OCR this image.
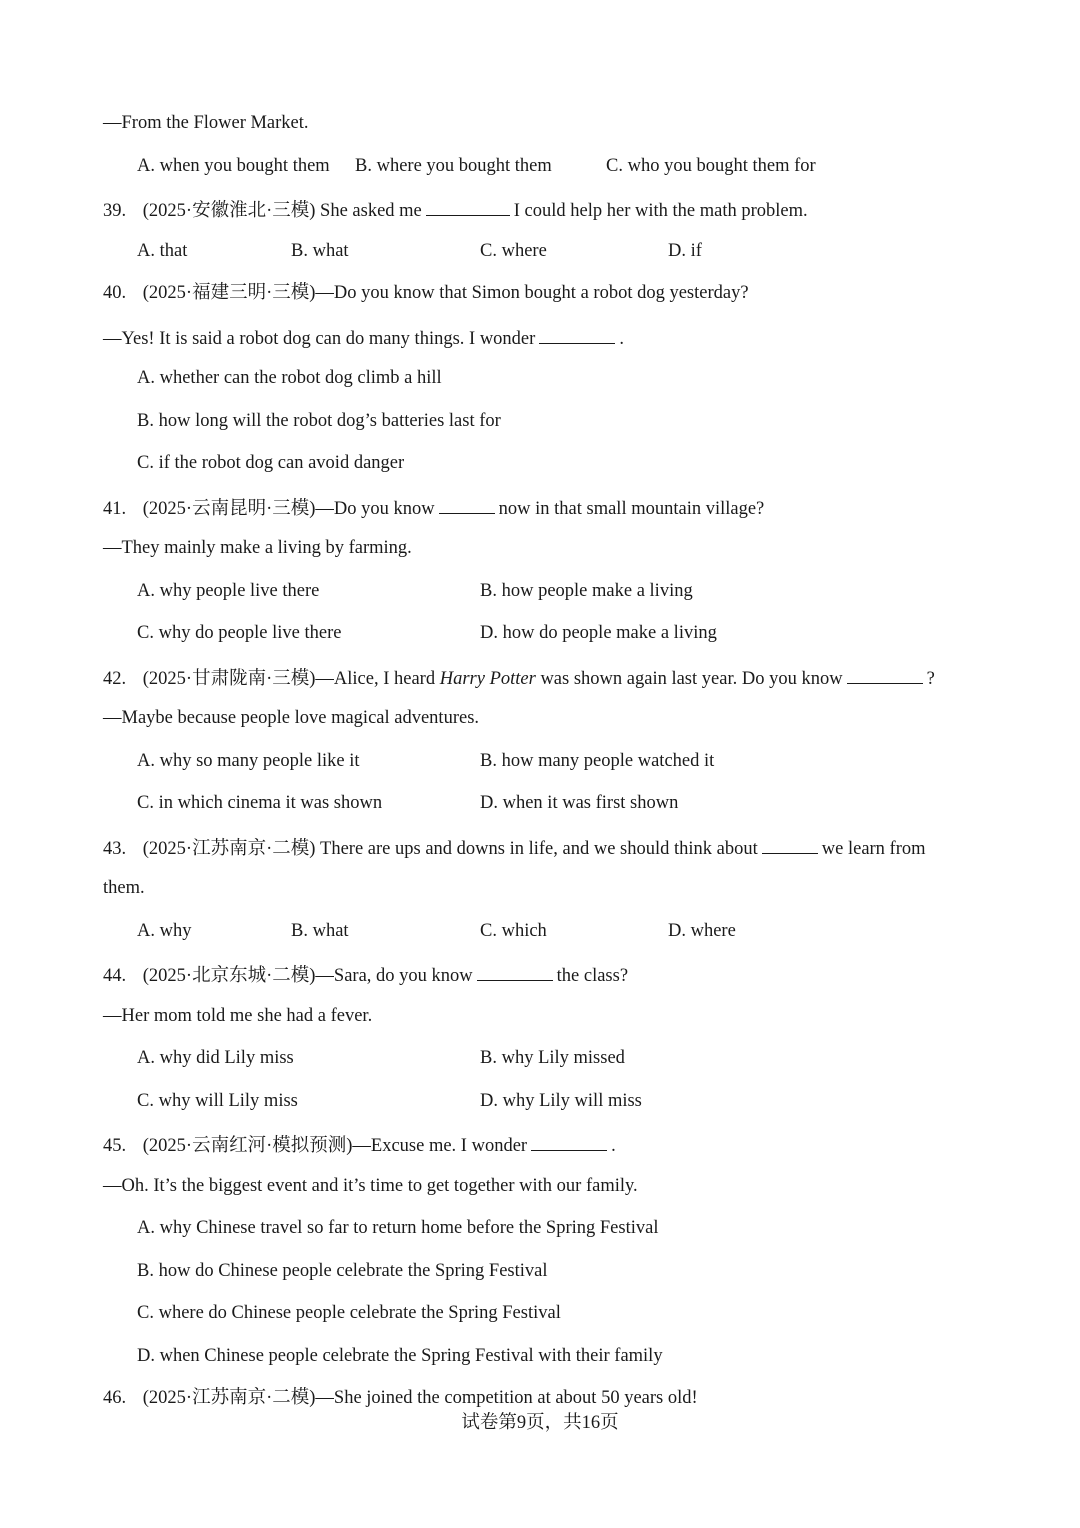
—From the Flower Market.
A. when you bought them B. where you bought them	C. who you bought them for
39. (2025·安徽淮北·三模) She asked me	I could help her with the math problem.
A. that	B. what	C. where	D. if
40. (2025·福建三明·三模)—Do you know that Simon bought a robot dog yesterday?
—Yes! It is said a robot dog can do many things. I wonder	.
A. whether can the robot dog climb a hill
B. how long will the robot dog’s batteries last for
C. if the robot dog can avoid danger
41. (2025·云南昆明·三模)—Do you know	now in that small mountain village?
—They mainly make a living by farming.
A. why people live there	B. how people make a living
C. why do people live there	D. how do people make a living
42. (2025·甘肃陇南·三模)—Alice, I heard Harry Potter was shown again last year. Do you know	?
—Maybe because people love magical adventures.
A. why so many people like it	B. how many people watched it
C. in which cinema it was shown	D. when it was first shown
43. (2025·江苏南京·二模) There are ups and downs in life, and we should think about	we learn from
them.
A. why	B. what	C. which	D. where
44. (2025·北京东城·二模)—Sara, do you know	the class?
—Her mom told me she had a fever.
A. why did Lily miss	B. why Lily missed
C. why will Lily miss	D. why Lily will miss
45. (2025·云南红河·模拟预测)—Excuse me. I wonder	.
—Oh. It’s the biggest event and it’s time to get together with our family.
A. why Chinese travel so far to return home before the Spring Festival
B. how do Chinese people celebrate the Spring Festival
C. where do Chinese people celebrate the Spring Festival
D. when Chinese people celebrate the Spring Festival with their family
46. (2025·江苏南京·二模)—She joined the competition at about 50 years old!
试卷第9页，共16页
